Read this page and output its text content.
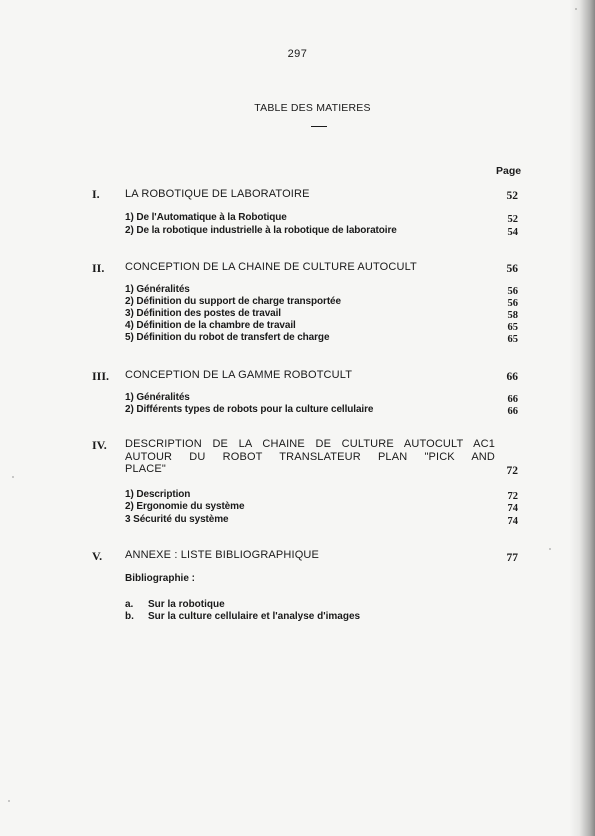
297
TABLE DES MATIERES
Page
I. LA ROBOTIQUE DE LABORATOIRE	52
1) De l'Automatique à la Robotique	52
2) De la robotique industrielle à la robotique de laboratoire	54
II. CONCEPTION DE LA CHAINE DE CULTURE AUTOCULT	56
1) Généralités	56
2) Définition du support de charge transportée	56
3) Définition des postes de travail	58
4) Définition de la chambre de travail	65
5) Définition du robot de transfert de charge	65
III. CONCEPTION DE LA GAMME ROBOTCULT	66
1) Généralités	66
2) Différents types de robots pour la culture cellulaire	66
IV. DESCRIPTION DE LA CHAINE DE CULTURE AUTOCULT AC1
AUTOUR DU ROBOT TRANSLATEUR PLAN "PICK AND
PLACE"	72
1) Description	72
2) Ergonomie du système	74
3 Sécurité du système	74
V. ANNEXE : LISTE BIBLIOGRAPHIQUE	77
Bibliographie :
a. Sur la robotique
b. Sur la culture cellulaire et l'analyse d'images
